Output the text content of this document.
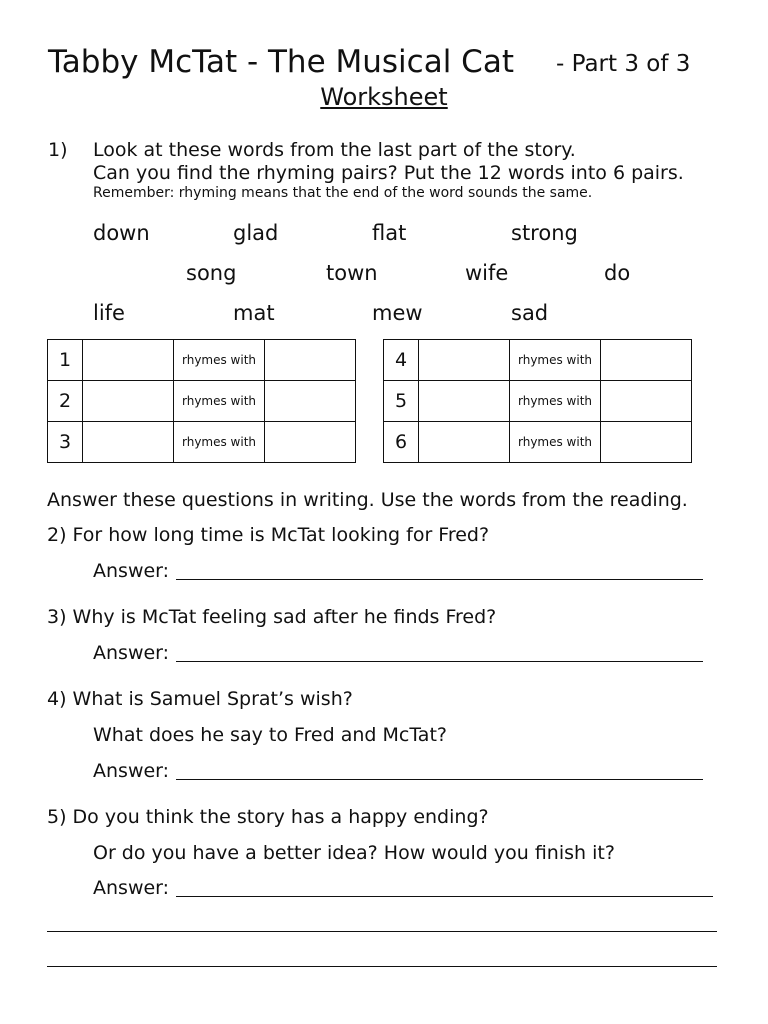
Tabby McTat - The Musical Cat - Part 3 of 3
Worksheet
1) Look at these words from the last part of the story.
Can you find the rhyming pairs? Put the 12 words into 6 pairs.
Remember: rhyming means that the end of the word sounds the same.
down	glad	flat	strong
song	town	wife	do
life	mat	mew	sad
1		rhymes with	
2		rhymes with	
3		rhymes with	
4		rhymes with	
5		rhymes with	
6		rhymes with	
Answer these questions in writing. Use the words from the reading.
2) For how long time is McTat looking for Fred?
Answer:
3) Why is McTat feeling sad after he finds Fred?
Answer:
4) What is Samuel Sprat’s wish?
What does he say to Fred and McTat?
Answer:
5) Do you think the story has a happy ending?
Or do you have a better idea? How would you finish it?
Answer:
